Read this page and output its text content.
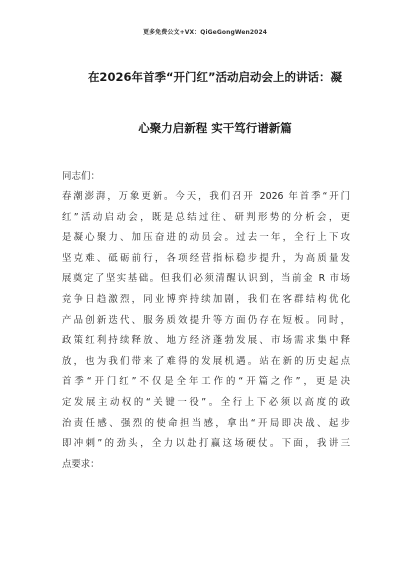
更多免费公文+VX：QiGeGongWen2024
在2026年首季“开门红”活动启动会上的讲话：凝
心聚力启新程 实干笃行谱新篇
同志们：
春潮澎湃，万象更新。今天，我们召开 2026 年首季“开门
红”活动启动会，既是总结过往、研判形势的分析会，更
是凝心聚力、加压奋进的动员会。过去一年，全行上下攻
坚克难、砥砺前行，各项经营指标稳步提升，为高质量发
展奠定了坚实基础。但我们必须清醒认识到，当前金 R 市场
竞争日趋激烈，同业博弈持续加剧，我们在客群结构优化
产品创新迭代、服务质效提升等方面仍存在短板。同时，
政策红利持续释放、地方经济蓬勃发展、市场需求集中释
放，也为我们带来了难得的发展机遇。站在新的历史起点
首季“开门红”不仅是全年工作的“开篇之作”，更是决
定发展主动权的“关键一役”。全行上下必须以高度的政
治责任感、强烈的使命担当感，拿出“开局即决战、起步
即冲刺”的劲头，全力以赴打赢这场硬仗。下面，我讲三
点要求：
